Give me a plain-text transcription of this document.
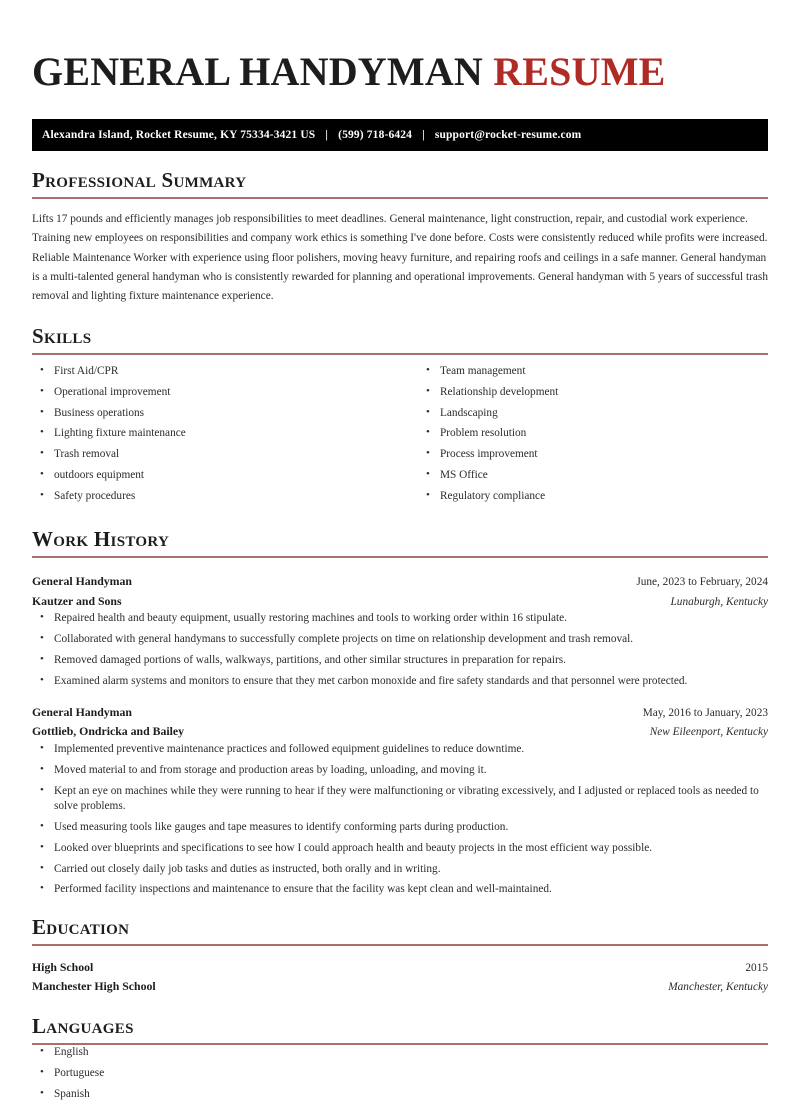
GENERAL HANDYMAN RESUME
Alexandra Island, Rocket Resume, KY 75334-3421 US | (599) 718-6424 | support@rocket-resume.com
Professional Summary

Lifts 17 pounds and efficiently manages job responsibilities to meet deadlines. General maintenance, light construction, repair, and custodial work experience. Training new employees on responsibilities and company work ethics is something I've done before. Costs were consistently reduced while profits were increased. Reliable Maintenance Worker with experience using floor polishers, moving heavy furniture, and repairing roofs and ceilings in a safe manner. General handyman is a multi-talented general handyman who is consistently rewarded for planning and operational improvements. General handyman with 5 years of successful trash removal and lighting fixture maintenance experience.

Skills
• First Aid/CPR
• Operational improvement
• Business operations
• Lighting fixture maintenance
• Trash removal
• outdoors equipment
• Safety procedures
• Team management
• Relationship development
• Landscaping
• Problem resolution
• Process improvement
• MS Office
• Regulatory compliance
Work History
General Handyman	June, 2023 to February, 2024
Kautzer and Sons	Lunaburgh, Kentucky
• Repaired health and beauty equipment, usually restoring machines and tools to working order within 16 stipulate.
• Collaborated with general handymans to successfully complete projects on time on relationship development and trash removal.
• Removed damaged portions of walls, walkways, partitions, and other similar structures in preparation for repairs.
• Examined alarm systems and monitors to ensure that they met carbon monoxide and fire safety standards and that personnel were protected.
General Handyman	May, 2016 to January, 2023
Gottlieb, Ondricka and Bailey	New Eileenport, Kentucky
• Implemented preventive maintenance practices and followed equipment guidelines to reduce downtime.
• Moved material to and from storage and production areas by loading, unloading, and moving it.
• Kept an eye on machines while they were running to hear if they were malfunctioning or vibrating excessively, and I adjusted or replaced tools as needed to solve problems.
• Used measuring tools like gauges and tape measures to identify conforming parts during production.
• Looked over blueprints and specifications to see how I could approach health and beauty projects in the most efficient way possible.
• Carried out closely daily job tasks and duties as instructed, both orally and in writing.
• Performed facility inspections and maintenance to ensure that the facility was kept clean and well-maintained.
Education
High School	2015
Manchester High School	Manchester, Kentucky
Languages
• English
• Portuguese
• Spanish
